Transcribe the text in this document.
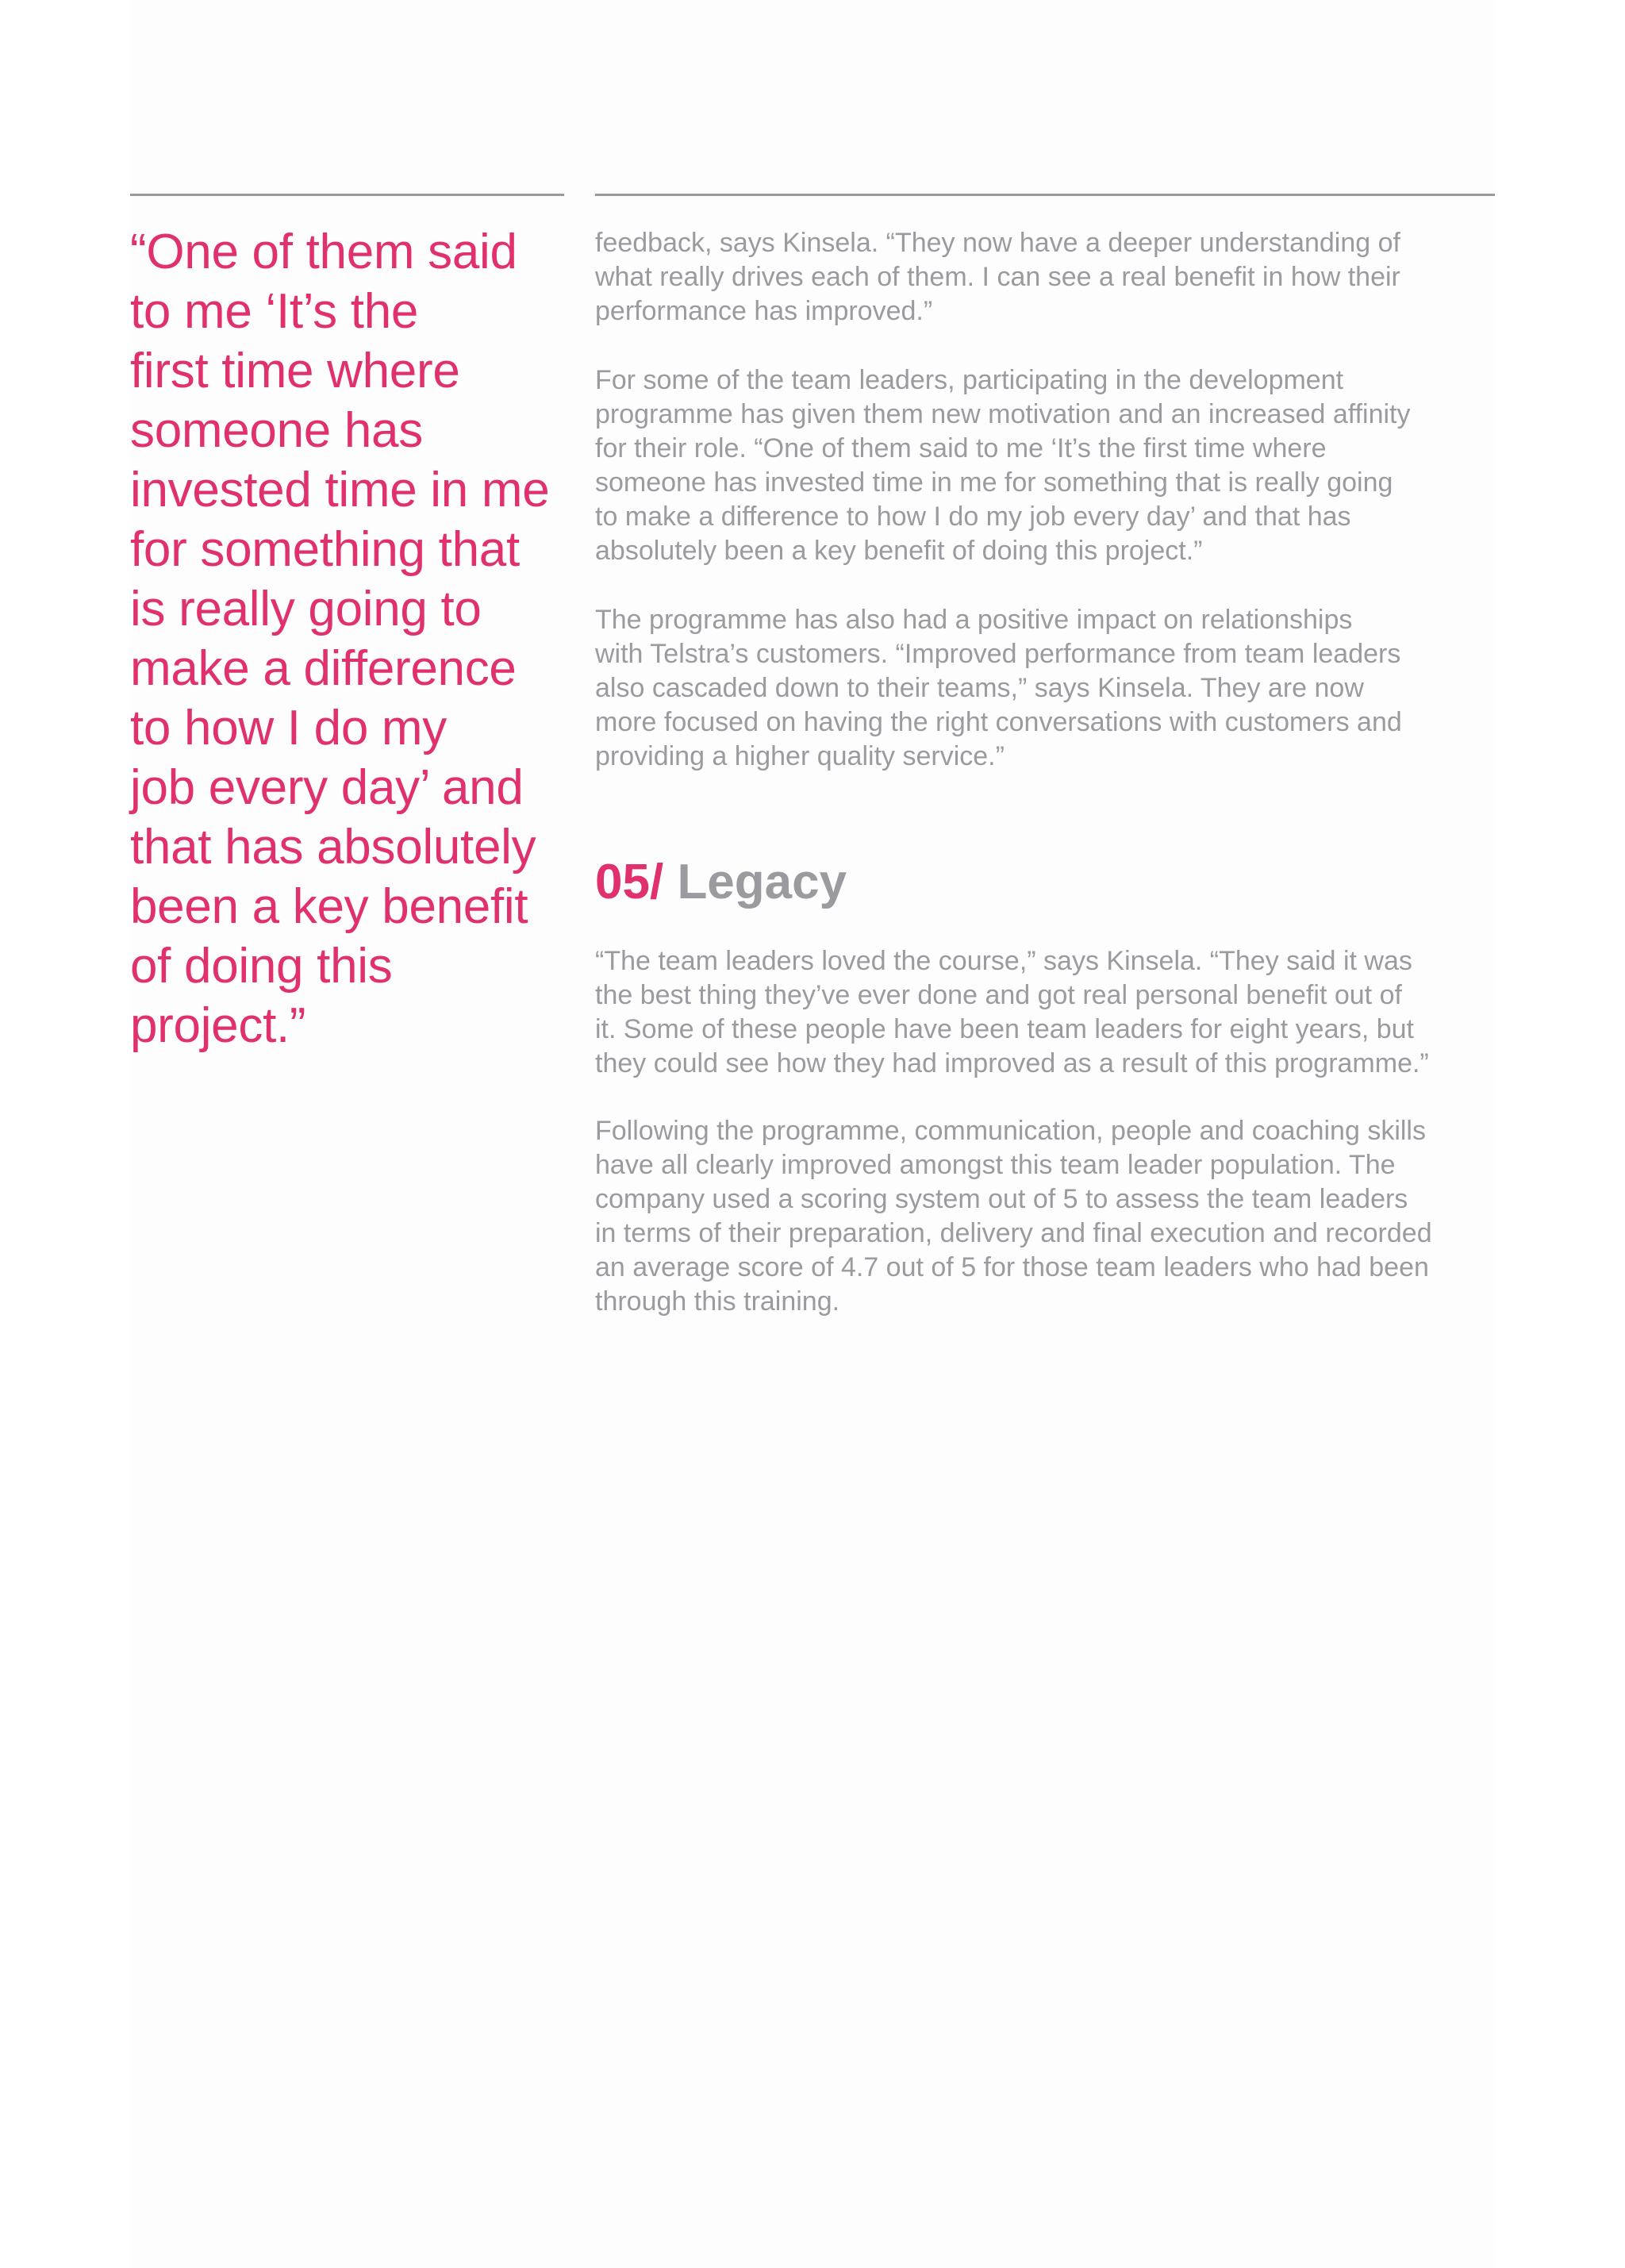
“One of them said
to me ‘It’s the
first time where
someone has
invested time in me
for something that
is really going to
make a difference
to how I do my
job every day’ and
that has absolutely
been a key benefit
of doing this
project.”

feedback, says Kinsela. “They now have a deeper understanding of
what really drives each of them. I can see a real benefit in how their
performance has improved.”

For some of the team leaders, participating in the development
programme has given them new motivation and an increased affinity
for their role. “One of them said to me ‘It’s the first time where
someone has invested time in me for something that is really going
to make a difference to how I do my job every day’ and that has
absolutely been a key benefit of doing this project.”

The programme has also had a positive impact on relationships
with Telstra’s customers. “Improved performance from team leaders
also cascaded down to their teams,” says Kinsela. They are now
more focused on having the right conversations with customers and
providing a higher quality service.”

05/ Legacy

“The team leaders loved the course,” says Kinsela. “They said it was
the best thing they’ve ever done and got real personal benefit out of
it. Some of these people have been team leaders for eight years, but
they could see how they had improved as a result of this programme.”

Following the programme, communication, people and coaching skills
have all clearly improved amongst this team leader population. The
company used a scoring system out of 5 to assess the team leaders
in terms of their preparation, delivery and final execution and recorded
an average score of 4.7 out of 5 for those team leaders who had been
through this training.
